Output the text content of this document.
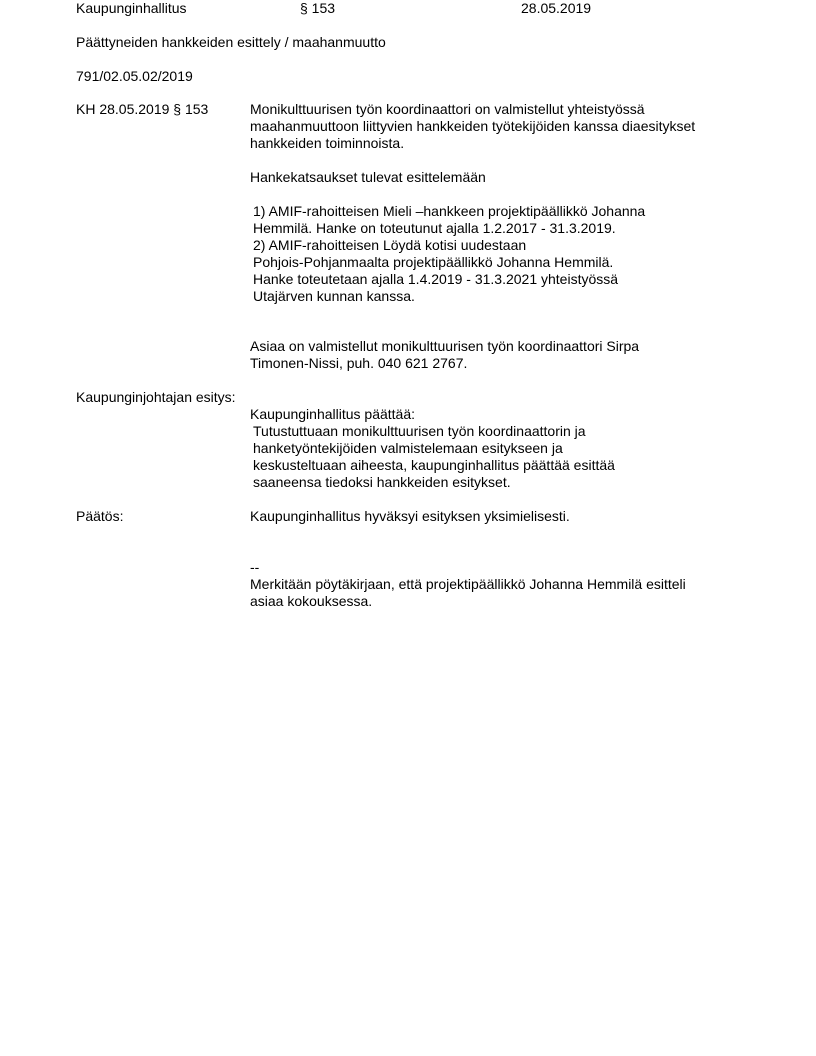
Kaupunginhallitus	§ 153	28.05.2019
Päättyneiden hankkeiden esittely / maahanmuutto
791/02.05.02/2019
KH 28.05.2019 § 153	Monikulttuurisen työn koordinaattori on valmistellut yhteistyössä
maahanmuuttoon liittyvien hankkeiden työtekijöiden kanssa diaesitykset
hankkeiden toiminnoista.
Hankekatsaukset tulevat esittelemään
1) AMIF-rahoitteisen Mieli –hankkeen projektipäällikkö Johanna
Hemmilä. Hanke on toteutunut ajalla 1.2.2017 - 31.3.2019.
2) AMIF-rahoitteisen Löydä kotisi uudestaan
Pohjois-Pohjanmaalta projektipäällikkö Johanna Hemmilä.
Hanke toteutetaan ajalla 1.4.2019 - 31.3.2021 yhteistyössä
Utajärven kunnan kanssa.
Asiaa on valmistellut monikulttuurisen työn koordinaattori Sirpa
Timonen-Nissi, puh. 040 621 2767.
Kaupunginjohtajan esitys:
Kaupunginhallitus päättää:
Tutustuttuaan monikulttuurisen työn koordinaattorin ja
hanketyöntekijöiden valmistelemaan esitykseen ja
keskusteltuaan aiheesta, kaupunginhallitus päättää esittää
saaneensa tiedoksi hankkeiden esitykset.
Päätös:	Kaupunginhallitus hyväksyi esityksen yksimielisesti.
--
Merkitään pöytäkirjaan, että projektipäällikkö Johanna Hemmilä esitteli
asiaa kokouksessa.
